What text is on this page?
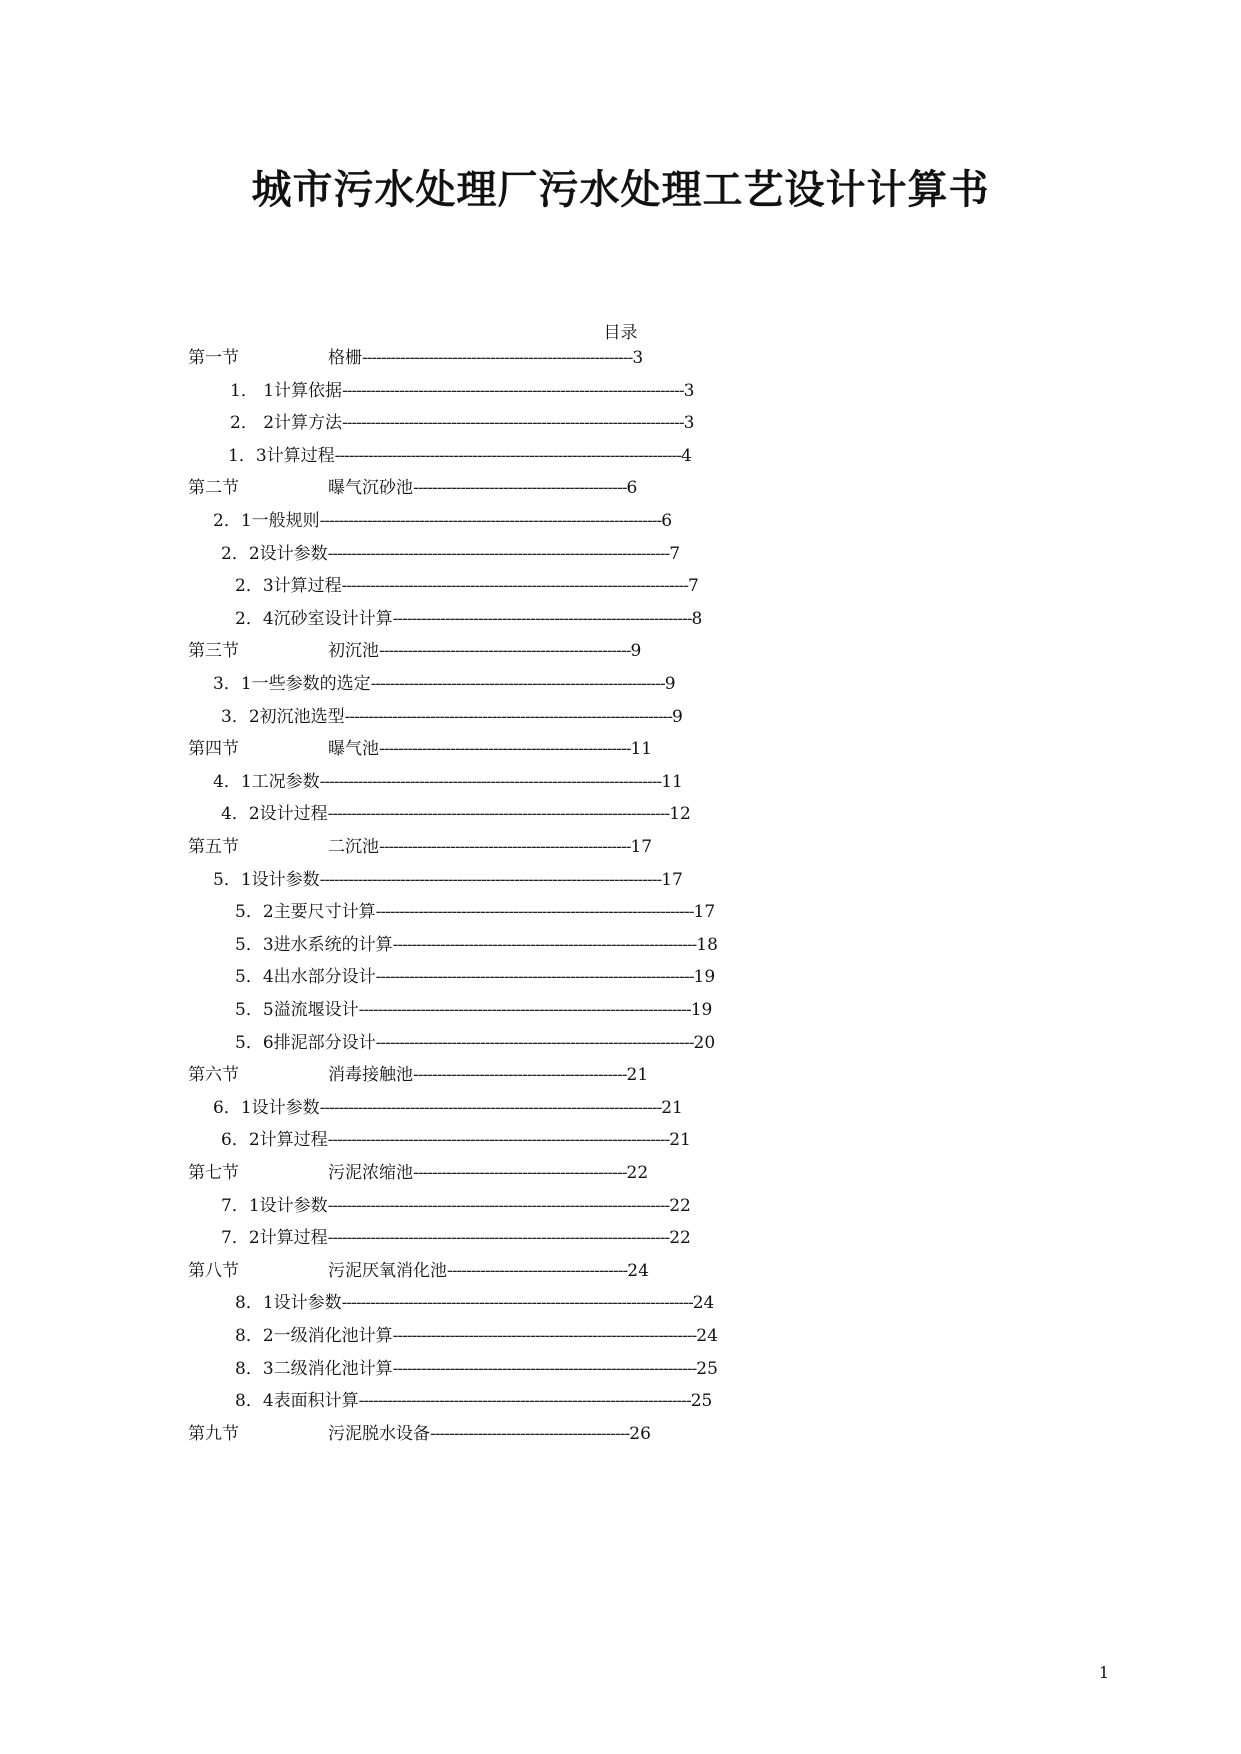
城市污水处理厂污水处理工艺设计计算书
目录
第一节	格栅---------------------------------------------------------3
1． 1计算依据------------------------------------------------------------------------3
2． 2计算方法------------------------------------------------------------------------3
1．3计算过程-------------------------------------------------------------------------4
第二节	曝气沉砂池---------------------------------------------6
2．1一般规则------------------------------------------------------------------------6
2．2设计参数------------------------------------------------------------------------7
2．3计算过程-------------------------------------------------------------------------7
2．4沉砂室设计计算---------------------------------------------------------------8
第三节	初沉池-----------------------------------------------------9
3．1一些参数的选定--------------------------------------------------------------9
3．2初沉池选型---------------------------------------------------------------------9
第四节	曝气池-----------------------------------------------------11
4．1工况参数------------------------------------------------------------------------11
4．2设计过程------------------------------------------------------------------------12
第五节	二沉池-----------------------------------------------------17
5．1设计参数------------------------------------------------------------------------17
5．2主要尺寸计算-------------------------------------------------------------------17
5．3进水系统的计算----------------------------------------------------------------18
5．4出水部分设计-------------------------------------------------------------------19
5．5溢流堰设计----------------------------------------------------------------------19
5．6排泥部分设计-------------------------------------------------------------------20
第六节	消毒接触池---------------------------------------------21
6．1设计参数------------------------------------------------------------------------21
6．2计算过程------------------------------------------------------------------------21
第七节	污泥浓缩池---------------------------------------------22
7．1设计参数------------------------------------------------------------------------22
7．2计算过程------------------------------------------------------------------------22
第八节	污泥厌氧消化池--------------------------------------24
8．1设计参数--------------------------------------------------------------------------24
8．2一级消化池计算----------------------------------------------------------------24
8．3二级消化池计算----------------------------------------------------------------25
8．4表面积计算----------------------------------------------------------------------25
第九节	污泥脱水设备------------------------------------------26
1
